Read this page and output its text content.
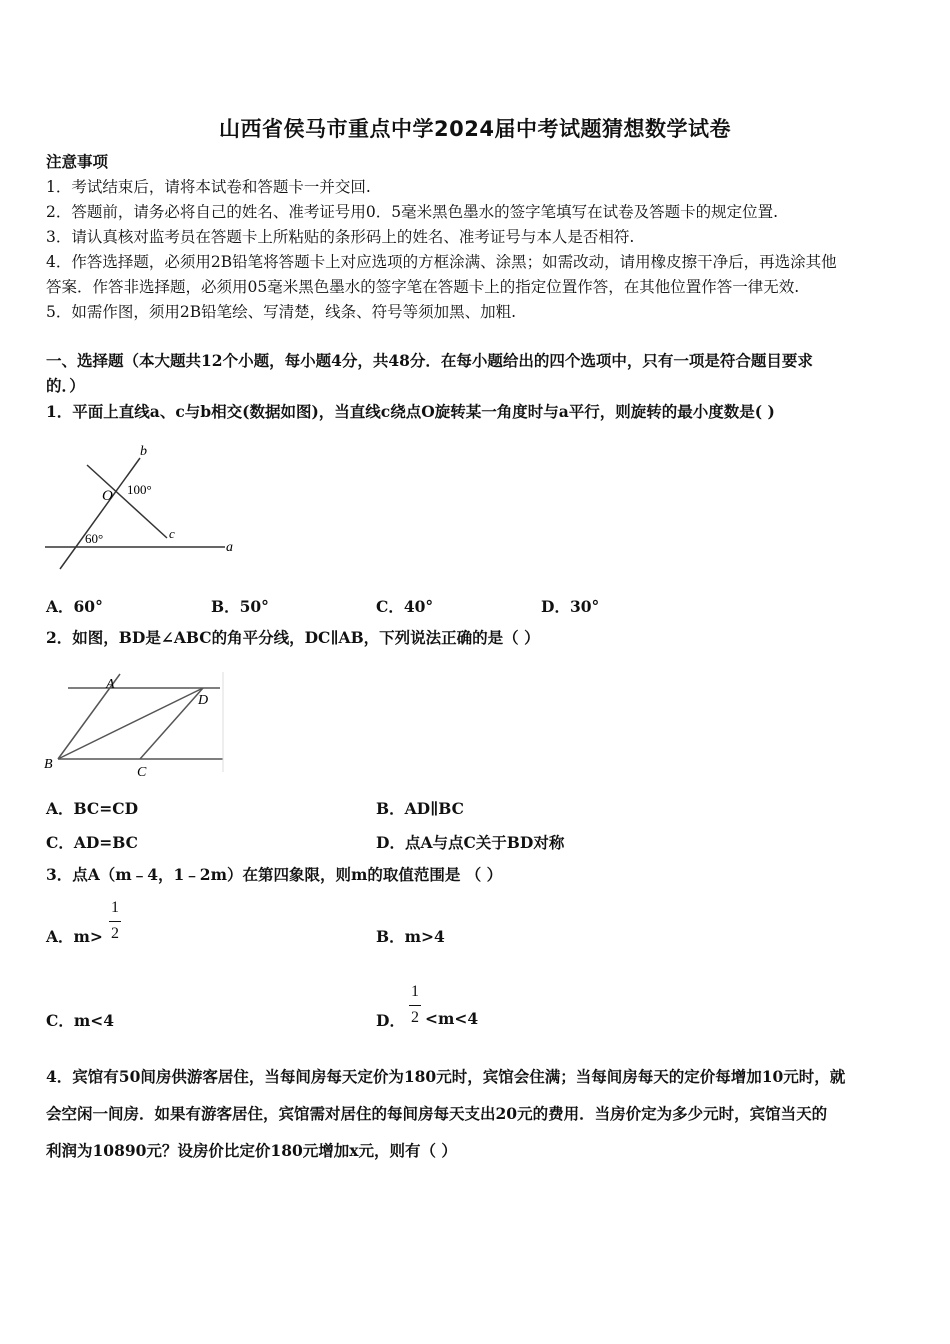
山西省侯马市重点中学2024届中考试题猜想数学试卷
注意事项
1．考试结束后，请将本试卷和答题卡一并交回.
2．答题前，请务必将自己的姓名、准考证号用0．5毫米黑色墨水的签字笔填写在试卷及答题卡的规定位置.
3．请认真核对监考员在答题卡上所粘贴的条形码上的姓名、准考证号与本人是否相符.
4．作答选择题，必须用2B铅笔将答题卡上对应选项的方框涂满、涂黑；如需改动，请用橡皮擦干净后，再选涂其他
答案．作答非选择题，必须用05毫米黑色墨水的签字笔在答题卡上的指定位置作答，在其他位置作答一律无效.
5．如需作图，须用2B铅笔绘、写清楚，线条、符号等须加黑、加粗.
一、选择题（本大题共12个小题，每小题4分，共48分．在每小题给出的四个选项中，只有一项是符合题目要求
的．）
1．平面上直线a、c与b相交(数据如图)，当直线c绕点O旋转某一角度时与a平行，则旋转的最小度数是( )
b
O 100°
c
60°
a
A．60°	B．50°	C．40°	D．30°
2．如图，BD是∠ABC的角平分线，DC∥AB，下列说法正确的是（ ）
A
D
B
C
A．BC=CD	B．AD∥BC
C．AD=BC	D．点A与点C关于BD对称
3．点A（m﹣4，1﹣2m）在第四象限，则m的取值范围是 （ ）
A．m>
1
2	B．m>4
C．m<4	D．
1
2 <m<4
4．宾馆有50间房供游客居住，当每间房每天定价为180元时，宾馆会住满；当每间房每天的定价每增加10元时，就
会空闲一间房．如果有游客居住，宾馆需对居住的每间房每天支出20元的费用．当房价定为多少元时，宾馆当天的
利润为10890元？设房价比定价180元增加x元，则有（ ）
